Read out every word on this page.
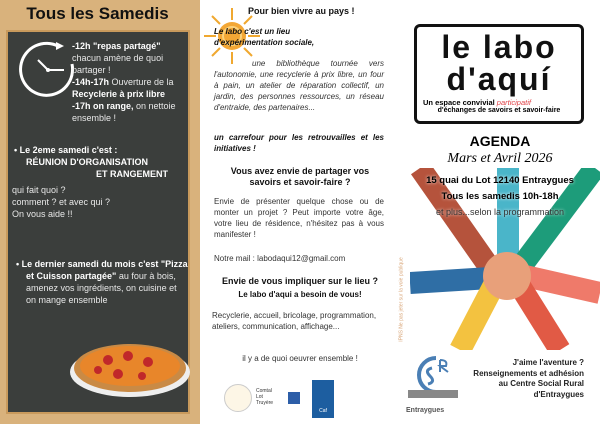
Tous les Samedis
-12h "repas partagé"
chacun amène de quoi partager !
-14h-17h Ouverture de la
Recyclerie à prix libre
-17h on range, on nettoie ensemble !
• Le 2eme samedi c'est :
RÉUNION D'ORGANISATION
ET RANGEMENT
qui fait quoi ?
comment ? et avec qui ?
On vous aide !!
• Le dernier samedi du mois c'est "Pizza et Cuisson partagée" au four à bois, amenez vos ingrédients, on cuisine et on mange ensemble
Pour bien vivre au pays !
Le labo c'est un lieu d'expérimentation sociale,
une bibliothèque tournée vers l'autonomie, une recyclerie à prix libre, un four à pain, un atelier de réparation collectif, un jardin, des personnes ressources, un réseau d'entraide, des partenaires...
un carrefour pour les retrouvailles et les initiatives !
Vous avez envie de partager vos savoirs et savoir-faire ?
Envie de présenter quelque chose ou de monter un projet ? Peut importe votre âge, votre lieu de résidence, n'hésitez pas à vous manifester !
Notre mail : labodaqui12@gmail.com
Envie de vous impliquer sur le lieu ?
Le labo d'aqui a besoin de vous!
Recyclerie, accueil, bricolage, programmation, ateliers, communication, affichage...
il y a de quoi oeuvrer ensemble !
Comtal
Lot
Truyère
Caf
le labo
d'aquí
Un espace convivial participatif
d'échanges de savoirs et savoir-faire
AGENDA
Mars et Avril 2026
15 quai du Lot 12140 Entraygues
Tous les samedis 10h-18h
et plus...selon la programmation
IPNS Ne pas jeter sur la voie publique
Entraygues
J'aime l'aventure ?
Renseignements et adhésion
au Centre Social Rural
d'Entraygues
